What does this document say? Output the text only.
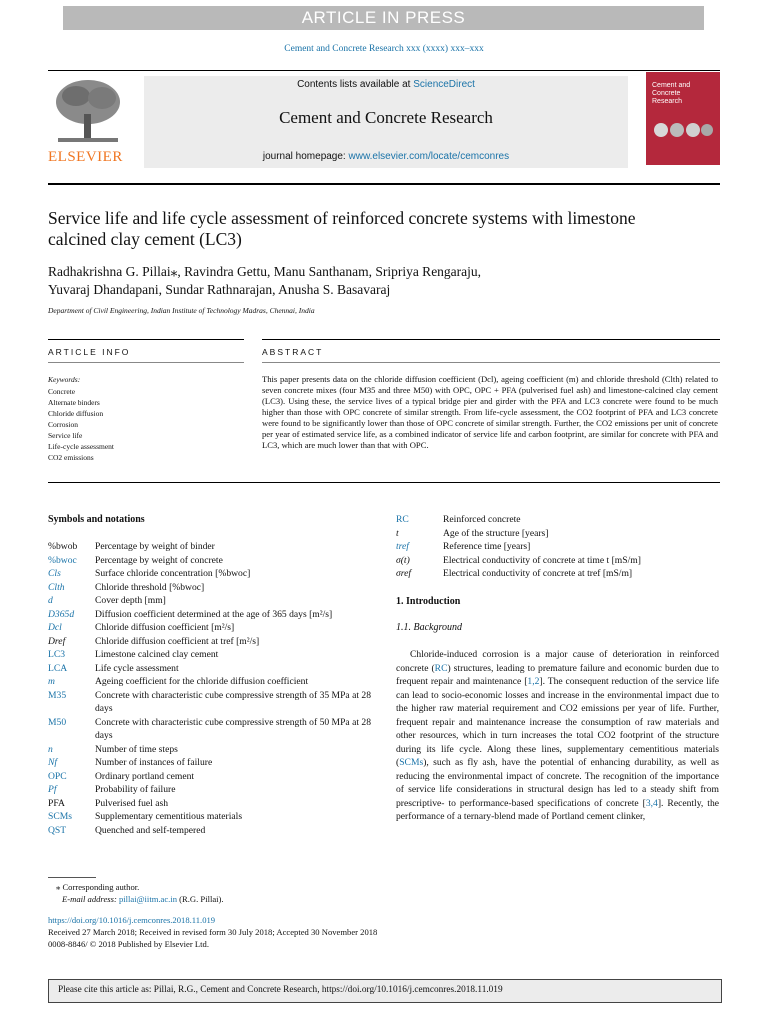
ARTICLE IN PRESS
Cement and Concrete Research xxx (xxxx) xxx–xxx
ELSEVIER
Contents lists available at ScienceDirect
Cement and Concrete Research
journal homepage: www.elsevier.com/locate/cemconres
Cement and
Concrete
Research
Service life and life cycle assessment of reinforced concrete systems with limestone calcined clay cement (LC3)
Radhakrishna G. Pillai⁎, Ravindra Gettu, Manu Santhanam, Sripriya Rengaraju,
Yuvaraj Dhandapani, Sundar Rathnarajan, Anusha S. Basavaraj
Department of Civil Engineering, Indian Institute of Technology Madras, Chennai, India
ARTICLE INFO	ABSTRACT
Keywords:
Concrete
Alternate binders
Chloride diffusion
Corrosion
Service life
Life-cycle assessment
CO2 emissions
This paper presents data on the chloride diffusion coefficient (Dcl), ageing coefficient (m) and chloride threshold (Clth) related to seven concrete mixes (four M35 and three M50) with OPC, OPC + PFA (pulverised fuel ash) and limestone-calcined clay cement (LC3). Using these, the service lives of a typical bridge pier and girder with the PFA and LC3 concrete were found to be much higher than those with OPC concrete of similar strength. From life-cycle assessment, the CO2 footprint of PFA and LC3 concrete were found to be significantly lower than those of OPC concrete of similar strength. Further, the CO2 emissions per unit of concrete per year of estimated service life, as a combined indicator of service life and carbon footprint, are similar for concrete with PFA and LC3, which are much lower than that with OPC.
Symbols and notations
%bwob	Percentage by weight of binder
%bwoc	Percentage by weight of concrete
Cls	Surface chloride concentration [%bwoc]
Clth	Chloride threshold [%bwoc]
d	Cover depth [mm]
D365d	Diffusion coefficient determined at the age of 365 days [m²/s]
Dcl	Chloride diffusion coefficient [m²/s]
Dref	Chloride diffusion coefficient at tref [m²/s]
LC3	Limestone calcined clay cement
LCA	Life cycle assessment
m	Ageing coefficient for the chloride diffusion coefficient
M35	Concrete with characteristic cube compressive strength of 35 MPa at 28 days
M50	Concrete with characteristic cube compressive strength of 50 MPa at 28 days
n	Number of time steps
Nf	Number of instances of failure
OPC	Ordinary portland cement
Pf	Probability of failure
PFA	Pulverised fuel ash
SCMs	Supplementary cementitious materials
QST	Quenched and self-tempered
RC	Reinforced concrete
t	Age of the structure [years]
tref	Reference time [years]
σ(t)	Electrical conductivity of concrete at time t [mS/m]
σref	Electrical conductivity of concrete at tref [mS/m]
1. Introduction
1.1. Background
Chloride-induced corrosion is a major cause of deterioration in reinforced concrete (RC) structures, leading to premature failure and economic burden due to frequent repair and maintenance [1,2]. The consequent reduction of the service life can lead to socio-economic losses and increase in the environmental impact due to the higher raw material requirement and CO2 emissions per year of life. Further, frequent repair and maintenance increase the consumption of raw materials and other resources, which in turn increases the total CO2 footprint of the structure during its life cycle. Along these lines, supplementary cementitious materials (SCMs), such as fly ash, have the potential of enhancing durability, as well as reducing the environmental impact of concrete. The recognition of the importance of service life considerations in structural design has led to a steady shift from prescriptive- to performance-based specifications of concrete [3,4]. Recently, the performance of a ternary-blend made of Portland cement clinker,
⁎ Corresponding author.
E-mail address: pillai@iitm.ac.in (R.G. Pillai).
https://doi.org/10.1016/j.cemconres.2018.11.019
Received 27 March 2018; Received in revised form 30 July 2018; Accepted 30 November 2018
0008-8846/ © 2018 Published by Elsevier Ltd.
Please cite this article as: Pillai, R.G., Cement and Concrete Research, https://doi.org/10.1016/j.cemconres.2018.11.019
